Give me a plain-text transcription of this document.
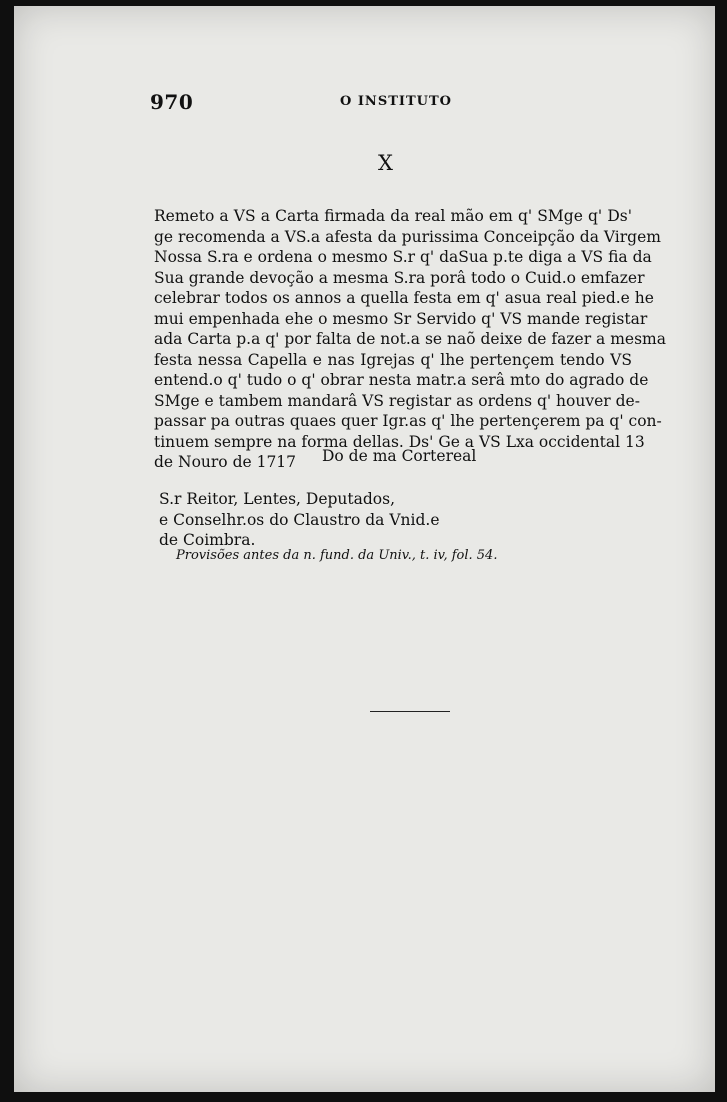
970	O INSTITUTO
X

Remeto a VS a Carta firmada da real mão em q' SMge q' Ds'
ge recomenda a VS.a afesta da purissima Conceipção da Virgem
Nossa S.ra e ordena o mesmo S.r q' daSua p.te diga a VS fia da
Sua grande devoção a mesma S.ra porâ todo o Cuid.o emfazer
celebrar todos os annos a quella festa em q' asua real pied.e he
mui empenhada ehe o mesmo Sr Servido q' VS mande registar
ada Carta p.a q' por falta de not.a se naõ deixe de fazer a mesma
festa nessa Capella e nas Igrejas q' lhe pertençem tendo VS
entend.o q' tudo o q' obrar nesta matr.a serâ mto do agrado de
SMge e tambem mandarâ VS registar as ordens q' houver de-
passar pa outras quaes quer Igr.as q' lhe pertençerem pa q' con-
tinuem sempre na forma dellas. Ds' Ge a VS Lxa occidental 13
de Nouro de 1717	Do de ma Cortereal
S.r Reitor, Lentes, Deputados,
e Conselhr.os do Claustro da Vnid.e
de Coimbra.
Provisões antes da n. fund. da Univ., t. iv, fol. 54.
